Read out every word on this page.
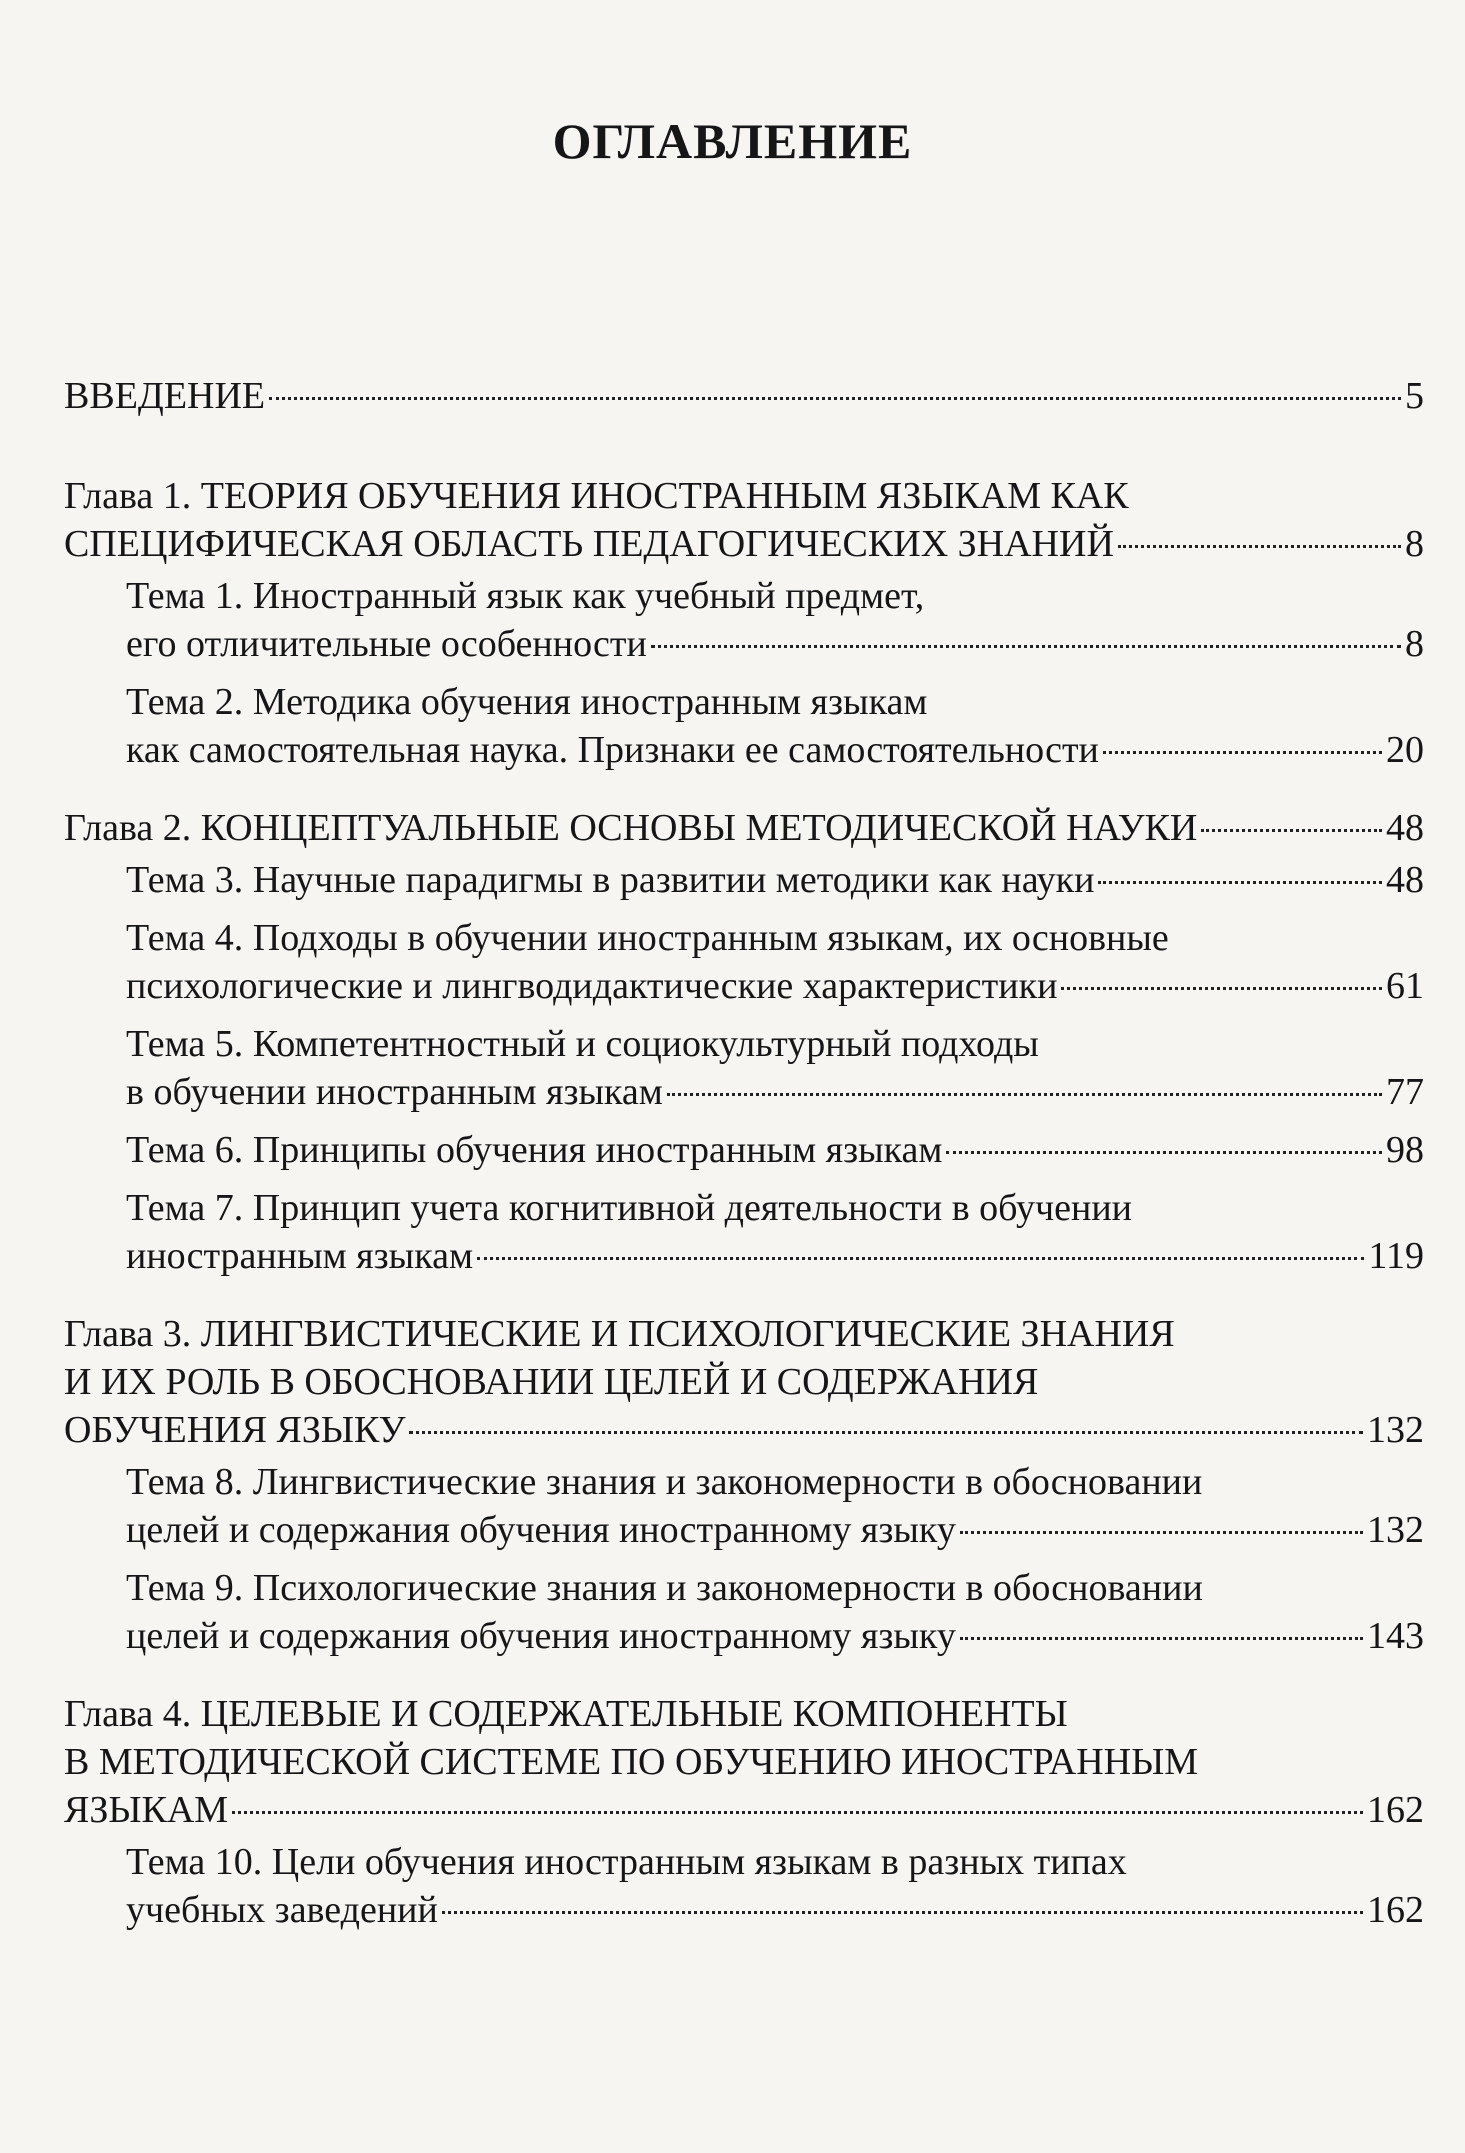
ОГЛАВЛЕНИЕ
ВВЕДЕНИЕ	5
Глава 1. ТЕОРИЯ ОБУЧЕНИЯ ИНОСТРАННЫМ ЯЗЫКАМ КАК
СПЕЦИФИЧЕСКАЯ ОБЛАСТЬ ПЕДАГОГИЧЕСКИХ ЗНАНИЙ	8
Тема 1. Иностранный язык как учебный предмет,
его отличительные особенности	8
Тема 2. Методика обучения иностранным языкам
как самостоятельная наука. Признаки ее самостоятельности	20
Глава 2. КОНЦЕПТУАЛЬНЫЕ ОСНОВЫ МЕТОДИЧЕСКОЙ НАУКИ	48
Тема 3. Научные парадигмы в развитии методики как науки	48
Тема 4. Подходы в обучении иностранным языкам, их основные
психологические и лингводидактические характеристики	61
Тема 5. Компетентностный и социокультурный подходы
в обучении иностранным языкам	77
Тема 6. Принципы обучения иностранным языкам	98
Тема 7. Принцип учета когнитивной деятельности в обучении
иностранным языкам	119
Глава 3. ЛИНГВИСТИЧЕСКИЕ И ПСИХОЛОГИЧЕСКИЕ ЗНАНИЯ
И ИХ РОЛЬ В ОБОСНОВАНИИ ЦЕЛЕЙ И СОДЕРЖАНИЯ
ОБУЧЕНИЯ ЯЗЫКУ	132
Тема 8. Лингвистические знания и закономерности в обосновании
целей и содержания обучения иностранному языку	132
Тема 9. Психологические знания и закономерности в обосновании
целей и содержания обучения иностранному языку	143
Глава 4. ЦЕЛЕВЫЕ И СОДЕРЖАТЕЛЬНЫЕ КОМПОНЕНТЫ
В МЕТОДИЧЕСКОЙ СИСТЕМЕ ПО ОБУЧЕНИЮ ИНОСТРАННЫМ
ЯЗЫКАМ	162
Тема 10. Цели обучения иностранным языкам в разных типах
учебных заведений	162
